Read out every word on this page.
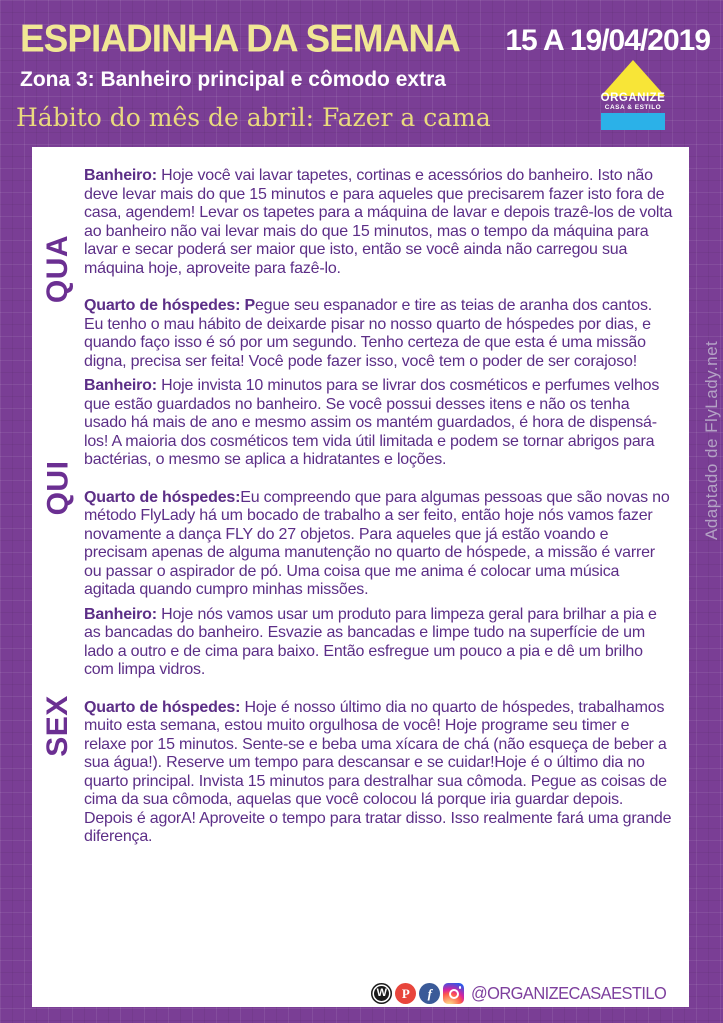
ESPIADINHA DA SEMANA 15 A 19/04/2019
Zona 3: Banheiro principal e cômodo extra
Hábito do mês de abril: Fazer a cama
ORGANIZE
CASA & ESTILO
Adaptado de FlyLady.net
QUA

Banheiro: Hoje você vai lavar tapetes, cortinas e acessórios do banheiro. Isto não deve levar mais do que 15 minutos e para aqueles que precisarem fazer isto fora de casa, agendem! Levar os tapetes para a máquina de lavar e depois trazê-los de volta ao banheiro não vai levar mais do que 15 minutos, mas o tempo da máquina para lavar e secar poderá ser maior que isto, então se você ainda não carregou sua máquina hoje, aproveite para fazê-lo.

Quarto de hóspedes: Pegue seu espanador e tire as teias de aranha dos cantos. Eu tenho o mau hábito de deixarde pisar no nosso quarto de hóspedes por dias, e quando faço isso é só por um segundo. Tenho certeza de que esta é uma missão digna, precisa ser feita! Você pode fazer isso, você tem o poder de ser corajoso!

QUI

Banheiro: Hoje invista 10 minutos para se livrar dos cosméticos e perfumes velhos que estão guardados no banheiro. Se você possui desses itens e não os tenha usado há mais de ano e mesmo assim os mantém guardados, é hora de dispensá-los! A maioria dos cosméticos tem vida útil limitada e podem se tornar abrigos para bactérias, o mesmo se aplica a hidratantes e loções.

Quarto de hóspedes:Eu compreendo que para algumas pessoas que são novas no método FlyLady há um bocado de trabalho a ser feito, então hoje nós vamos fazer novamente a dança FLY do 27 objetos. Para aqueles que já estão voando e precisam apenas de alguma manutenção no quarto de hóspede, a missão é varrer ou passar o aspirador de pó. Uma coisa que me anima é colocar uma música agitada quando cumpro minhas missões.

SEX

Banheiro: Hoje nós vamos usar um produto para limpeza geral para brilhar a pia e as bancadas do banheiro. Esvazie as bancadas e limpe tudo na superfície de um lado a outro e de cima para baixo. Então esfregue um pouco a pia e dê um brilho com limpa vidros.

Quarto de hóspedes: Hoje é nosso último dia no quarto de hóspedes, trabalhamos muito esta semana, estou muito orgulhosa de você! Hoje programe seu timer e relaxe por 15 minutos. Sente-se e beba uma xícara de chá (não esqueça de beber a sua água!). Reserve um tempo para descansar e se cuidar!Hoje é o último dia no quarto principal. Invista 15 minutos para destralhar sua cômoda. Pegue as coisas de cima da sua cômoda, aquelas que você colocou lá porque iria guardar depois. Depois é agorA! Aproveite o tempo para tratar disso. Isso realmente fará uma grande diferença.

W	P	f	@ORGANIZECASAESTILO
